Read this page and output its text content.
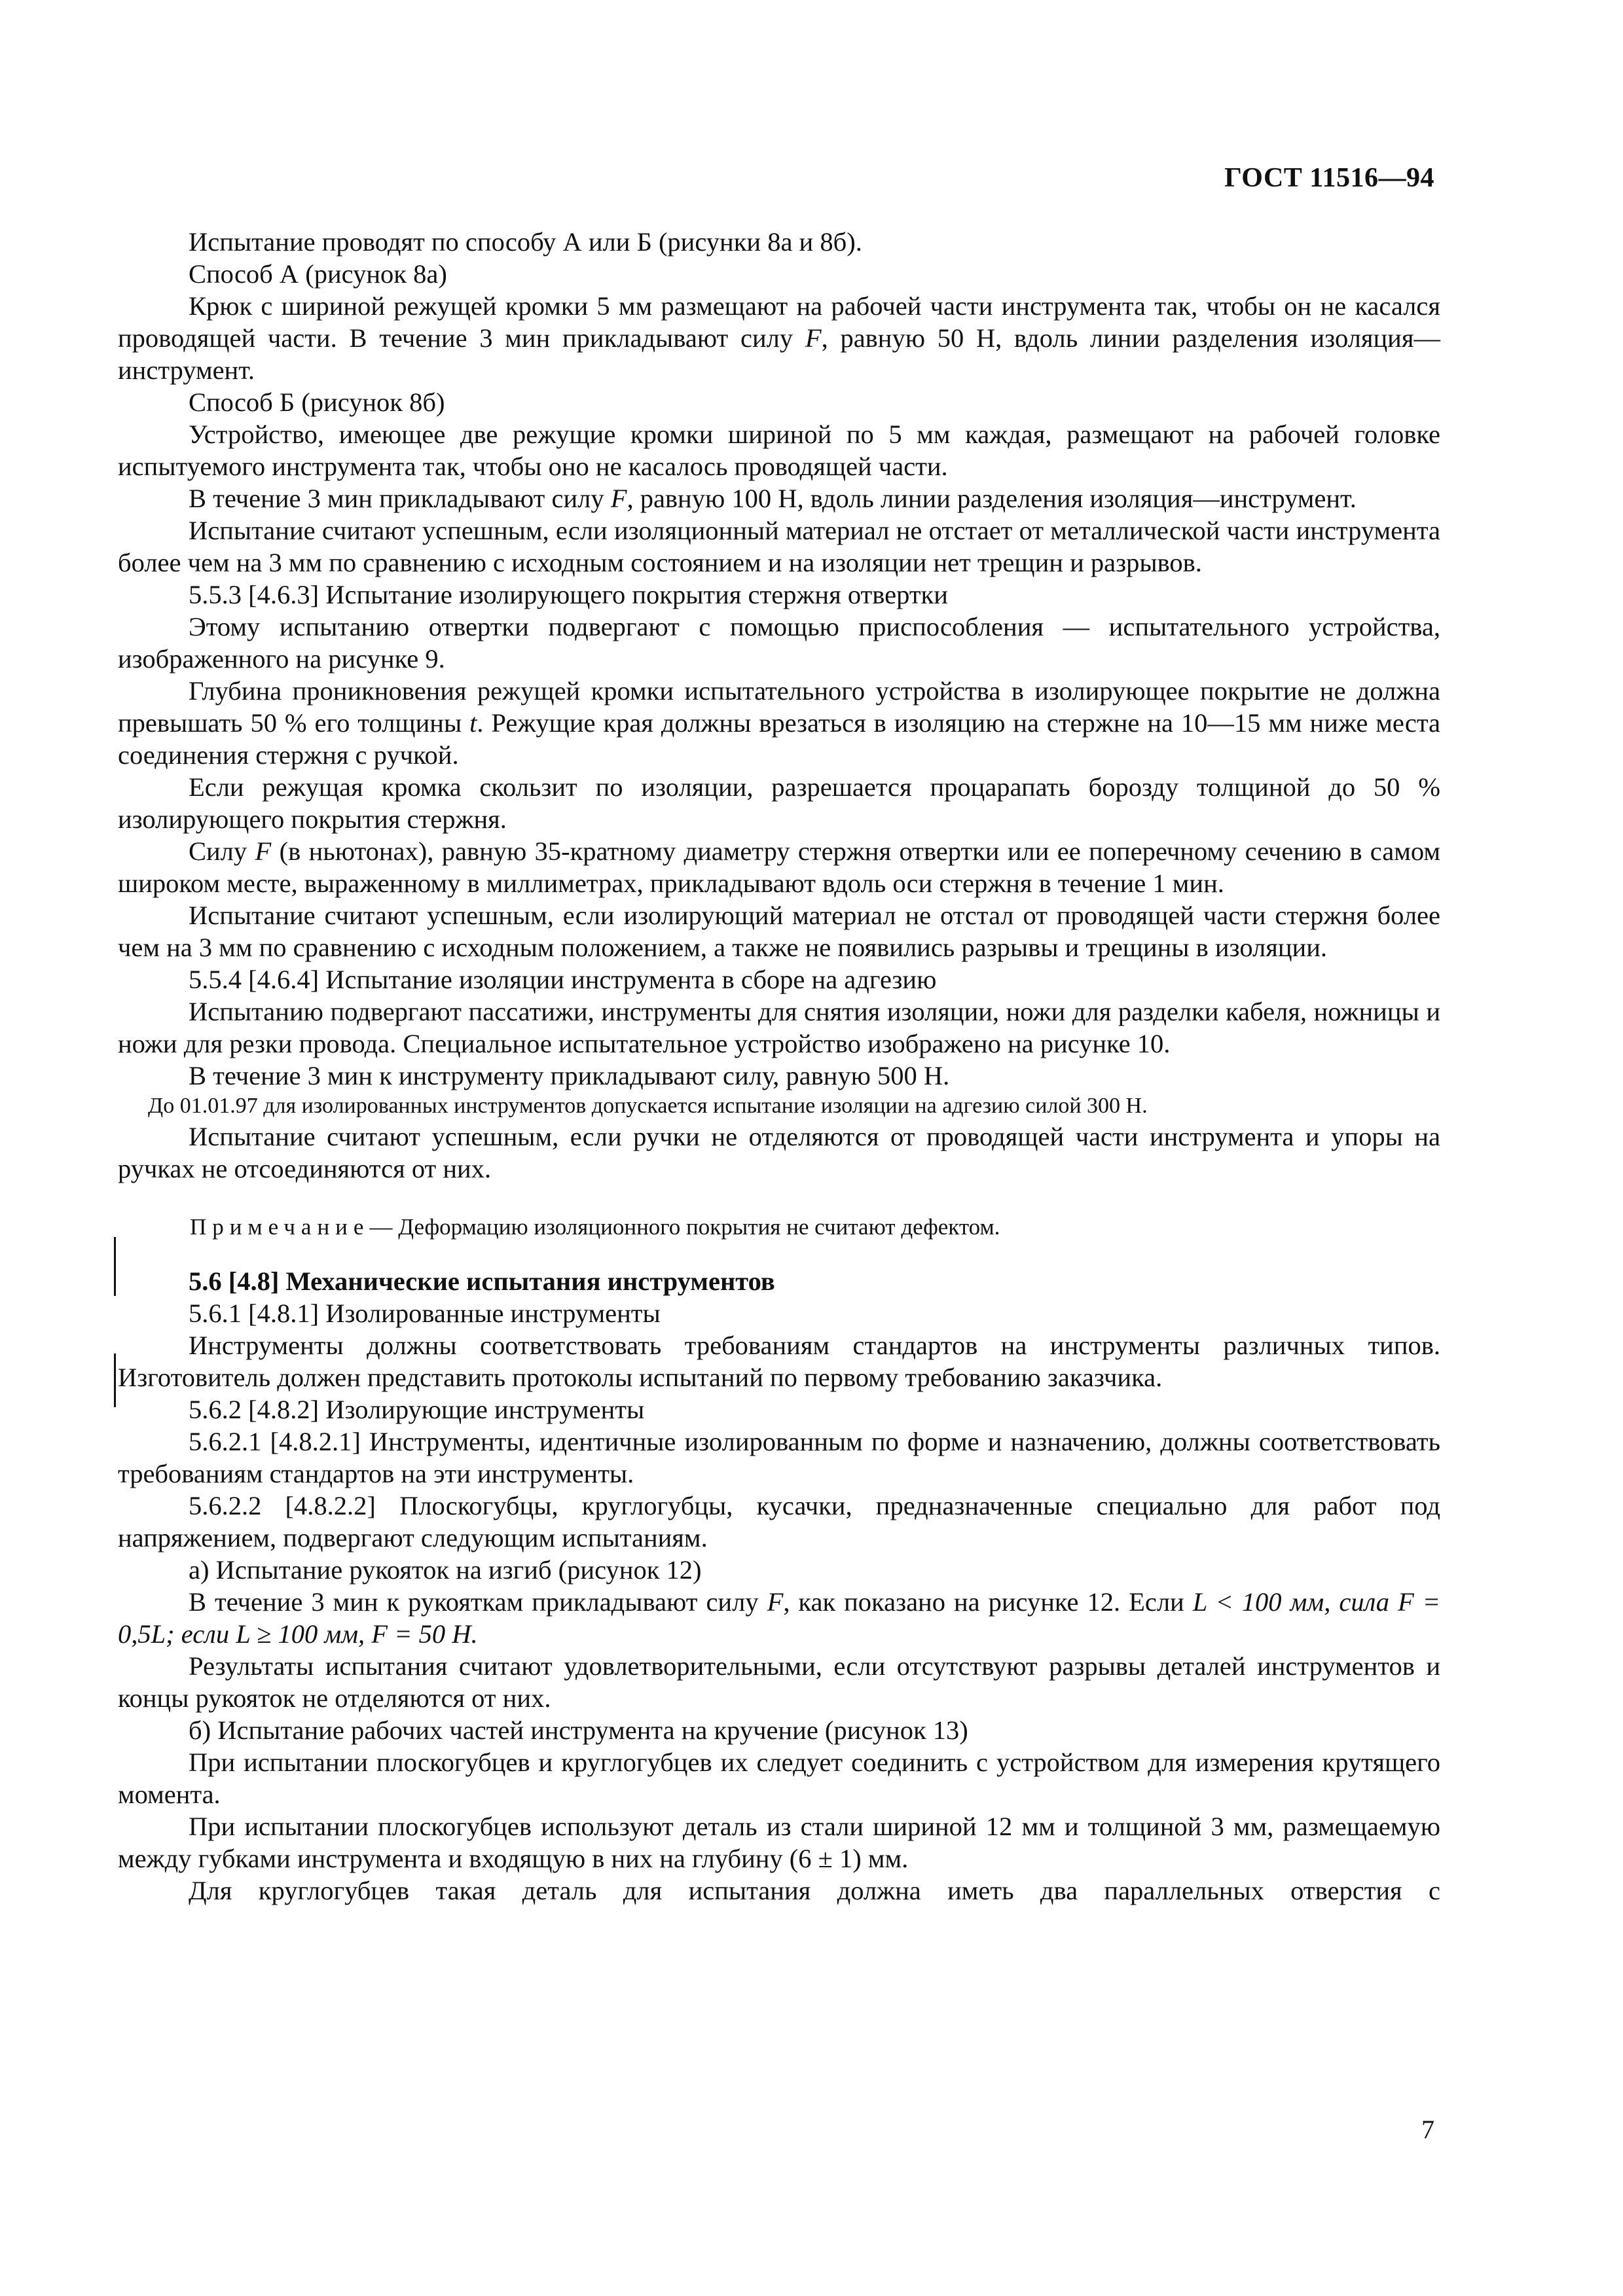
ГОСТ 11516—94

Испытание проводят по способу А или Б (рисунки 8а и 8б).

Способ А (рисунок 8а)

Крюк с шириной режущей кромки 5 мм размещают на рабочей части инструмента так, чтобы он не касался проводящей части. В течение 3 мин прикладывают силу F, равную 50 Н, вдоль линии разделения изоляция—инструмент.

Способ Б (рисунок 8б)

Устройство, имеющее две режущие кромки шириной по 5 мм каждая, размещают на рабочей головке испытуемого инструмента так, чтобы оно не касалось проводящей части.

В течение 3 мин прикладывают силу F, равную 100 Н, вдоль линии разделения изоляция—инструмент.

Испытание считают успешным, если изоляционный материал не отстает от металлической части инструмента более чем на 3 мм по сравнению с исходным состоянием и на изоляции нет трещин и разрывов.

5.5.3 [4.6.3] Испытание изолирующего покрытия стержня отвертки

Этому испытанию отвертки подвергают с помощью приспособления — испытательного устройства, изображенного на рисунке 9.

Глубина проникновения режущей кромки испытательного устройства в изолирующее покрытие не должна превышать 50 % его толщины t. Режущие края должны врезаться в изоляцию на стержне на 10—15 мм ниже места соединения стержня с ручкой.

Если режущая кромка скользит по изоляции, разрешается процарапать борозду толщиной до 50 % изолирующего покрытия стержня.

Силу F (в ньютонах), равную 35-кратному диаметру стержня отвертки или ее поперечному сечению в самом широком месте, выраженному в миллиметрах, прикладывают вдоль оси стержня в течение 1 мин.

Испытание считают успешным, если изолирующий материал не отстал от проводящей части стержня более чем на 3 мм по сравнению с исходным положением, а также не появились разрывы и трещины в изоляции.

5.5.4 [4.6.4] Испытание изоляции инструмента в сборе на адгезию

Испытанию подвергают пассатижи, инструменты для снятия изоляции, ножи для разделки кабеля, ножницы и ножи для резки провода. Специальное испытательное устройство изображено на рисунке 10.

В течение 3 мин к инструменту прикладывают силу, равную 500 Н.

До 01.01.97 для изолированных инструментов допускается испытание изоляции на адгезию силой 300 Н.

Испытание считают успешным, если ручки не отделяются от проводящей части инструмента и упоры на ручках не отсоединяются от них.

Примечание— Деформацию изоляционного покрытия не считают дефектом.

5.6 [4.8] Механические испытания инструментов

5.6.1 [4.8.1] Изолированные инструменты

Инструменты должны соответствовать требованиям стандартов на инструменты различных типов. Изготовитель должен представить протоколы испытаний по первому требованию заказчика.

5.6.2 [4.8.2] Изолирующие инструменты

5.6.2.1 [4.8.2.1] Инструменты, идентичные изолированным по форме и назначению, должны соответствовать требованиям стандартов на эти инструменты.

5.6.2.2 [4.8.2.2] Плоскогубцы, круглогубцы, кусачки, предназначенные специально для работ под напряжением, подвергают следующим испытаниям.

а) Испытание рукояток на изгиб (рисунок 12)

В течение 3 мин к рукояткам прикладывают силу F, как показано на рисунке 12. Если L < 100 мм, сила F = 0,5L; если L ≥ 100 мм, F = 50 Н.

Результаты испытания считают удовлетворительными, если отсутствуют разрывы деталей инструментов и концы рукояток не отделяются от них.

б) Испытание рабочих частей инструмента на кручение (рисунок 13)

При испытании плоскогубцев и круглогубцев их следует соединить с устройством для измерения крутящего момента.

При испытании плоскогубцев используют деталь из стали шириной 12 мм и толщиной 3 мм, размещаемую между губками инструмента и входящую в них на глубину (6 ± 1) мм.

Для круглогубцев такая деталь для испытания должна иметь два параллельных отверстия с

7
